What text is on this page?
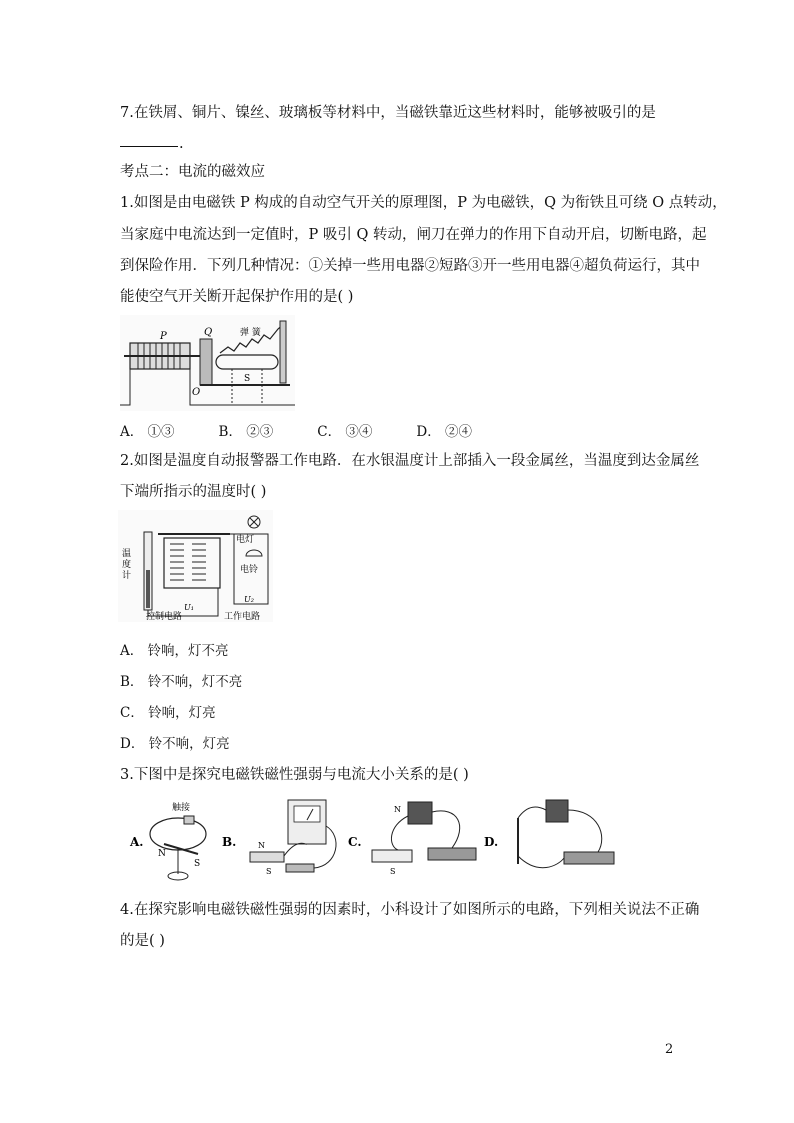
7.在铁屑、铜片、镍丝、玻璃板等材料中，当磁铁靠近这些材料时，能够被吸引的是
.
考点二：电流的磁效应
1.如图是由电磁铁 P 构成的自动空气开关的原理图，P 为电磁铁，Q 为衔铁且可绕 O 点转动，
当家庭中电流达到一定值时，P 吸引 Q 转动，闸刀在弹力的作用下自动开启，切断电路，起
到保险作用．下列几种情况：①关掉一些用电器②短路③开一些用电器④超负荷运行，其中
能使空气开关断开起保护作用的是( )
P	Q
O
弹 簧
S
A． ①③	B． ②③	C． ③④	D． ②④
2.如图是温度自动报警器工作电路．在水银温度计上部插入一段金属丝，当温度到达金属丝
下端所指示的温度时( )
温
度
计
电灯
电铃
U₁
U₂
控制电路	工作电路
A． 铃响，灯不亮
B． 铃不响，灯不亮
C． 铃响，灯亮
D． 铃不响，灯亮
3.下图中是探究电磁铁磁性强弱与电流大小关系的是( )
A.
触接
N
S
B.	N
S
C.
N
S
D.
4.在探究影响电磁铁磁性强弱的因素时，小科设计了如图所示的电路，下列相关说法不正确
的是( )
2
